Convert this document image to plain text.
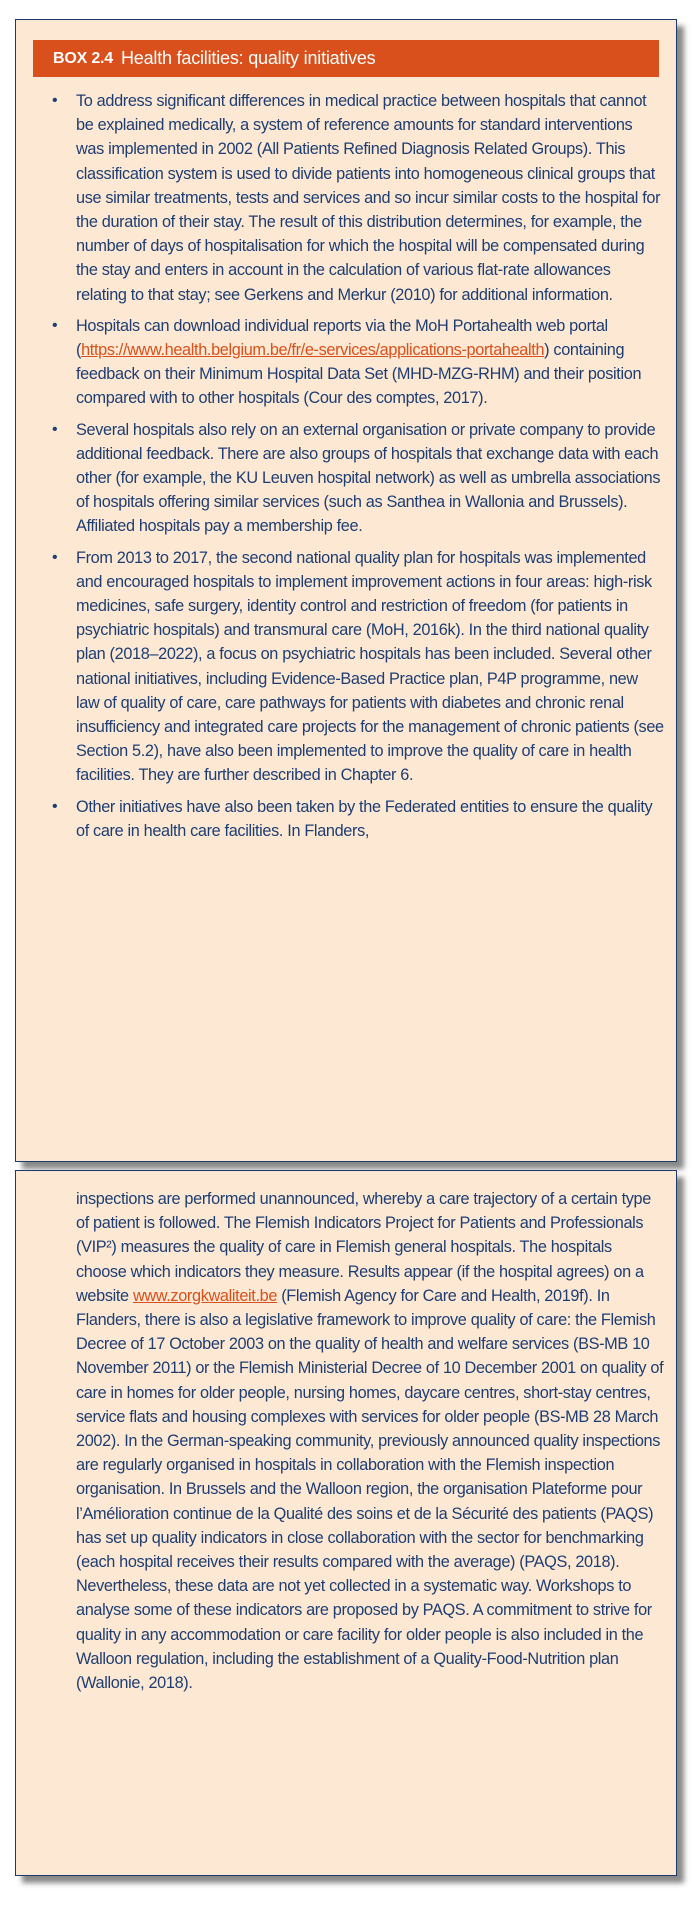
BOX 2.4 Health facilities: quality initiatives
• To address significant differences in medical practice between hospitals that cannot be explained medically, a system of reference amounts for standard interventions was implemented in 2002 (All Patients Refined Diagnosis Related Groups). This classification system is used to divide patients into homogeneous clinical groups that use similar treatments, tests and services and so incur similar costs to the hospital for the duration of their stay. The result of this distribution determines, for example, the number of days of hospitalisation for which the hospital will be compensated during the stay and enters in account in the calculation of various flat-rate allowances relating to that stay; see Gerkens and Merkur (2010) for additional information.
• Hospitals can download individual reports via the MoH Portahealth web portal (https://www.health.belgium.be/fr/e-services/applications-portahealth) containing feedback on their Minimum Hospital Data Set (MHD-MZG-RHM) and their position compared with to other hospitals (Cour des comptes, 2017).
• Several hospitals also rely on an external organisation or private company to provide additional feedback. There are also groups of hospitals that exchange data with each other (for example, the KU Leuven hospital network) as well as umbrella associations of hospitals offering similar services (such as Santhea in Wallonia and Brussels). Affiliated hospitals pay a membership fee.
• From 2013 to 2017, the second national quality plan for hospitals was implemented and encouraged hospitals to implement improvement actions in four areas: high-risk medicines, safe surgery, identity control and restriction of freedom (for patients in psychiatric hospitals) and transmural care (MoH, 2016k). In the third national quality plan (2018–2022), a focus on psychiatric hospitals has been included. Several other national initiatives, including Evidence-Based Practice plan, P4P programme, new law of quality of care, care pathways for patients with diabetes and chronic renal insufficiency and integrated care projects for the management of chronic patients (see Section 5.2), have also been implemented to improve the quality of care in health facilities. They are further described in Chapter 6.
• Other initiatives have also been taken by the Federated entities to ensure the quality of care in health care facilities. In Flanders,
inspections are performed unannounced, whereby a care trajectory of a certain type of patient is followed. The Flemish Indicators Project for Patients and Professionals (VIP²) measures the quality of care in Flemish general hospitals. The hospitals choose which indicators they measure. Results appear (if the hospital agrees) on a website www.zorgkwaliteit.be (Flemish Agency for Care and Health, 2019f). In Flanders, there is also a legislative framework to improve quality of care: the Flemish Decree of 17 October 2003 on the quality of health and welfare services (BS-MB 10 November 2011) or the Flemish Ministerial Decree of 10 December 2001 on quality of care in homes for older people, nursing homes, daycare centres, short-stay centres, service flats and housing complexes with services for older people (BS-MB 28 March 2002). In the German-speaking community, previously announced quality inspections are regularly organised in hospitals in collaboration with the Flemish inspection organisation. In Brussels and the Walloon region, the organisation Plateforme pour l’Amélioration continue de la Qualité des soins et de la Sécurité des patients (PAQS) has set up quality indicators in close collaboration with the sector for benchmarking (each hospital receives their results compared with the average) (PAQS, 2018). Nevertheless, these data are not yet collected in a systematic way. Workshops to analyse some of these indicators are proposed by PAQS. A commitment to strive for quality in any accommodation or care facility for older people is also included in the Walloon regulation, including the establishment of a Quality-Food-Nutrition plan (Wallonie, 2018).
